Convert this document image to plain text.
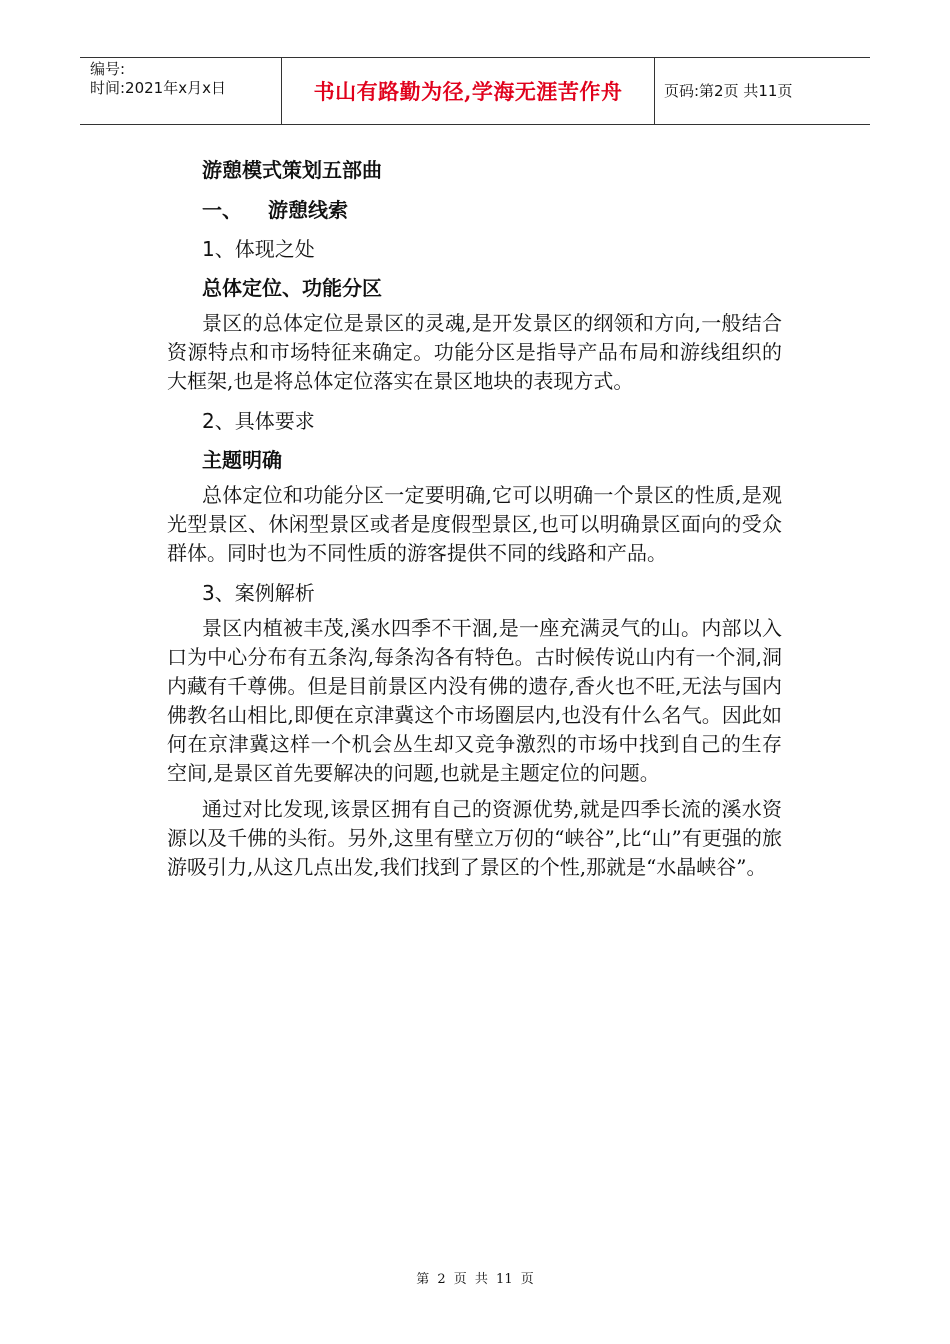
编号:
时间:2021年x月x日	书山有路勤为径,学海无涯苦作舟	页码:第2页 共11页
游憩模式策划五部曲
一、 游憩线索
1、体现之处
总体定位、功能分区
景区的总体定位是景区的灵魂,是开发景区的纲领和方向,一般结合资源特点和市场特征来确定。功能分区是指导产品布局和游线组织的大框架,也是将总体定位落实在景区地块的表现方式。
2、具体要求
主题明确
总体定位和功能分区一定要明确,它可以明确一个景区的性质,是观光型景区、休闲型景区或者是度假型景区,也可以明确景区面向的受众群体。同时也为不同性质的游客提供不同的线路和产品。
3、案例解析
景区内植被丰茂,溪水四季不干涸,是一座充满灵气的山。内部以入口为中心分布有五条沟,每条沟各有特色。古时候传说山内有一个洞,洞内藏有千尊佛。但是目前景区内没有佛的遗存,香火也不旺,无法与国内佛教名山相比,即便在京津冀这个市场圈层内,也没有什么名气。因此如何在京津冀这样一个机会丛生却又竞争激烈的市场中找到自己的生存空间,是景区首先要解决的问题,也就是主题定位的问题。
通过对比发现,该景区拥有自己的资源优势,就是四季长流的溪水资源以及千佛的头衔。另外,这里有壁立万仞的“峡谷”,比“山”有更强的旅游吸引力,从这几点出发,我们找到了景区的个性,那就是“水晶峡谷”。
第 2 页 共 11 页
